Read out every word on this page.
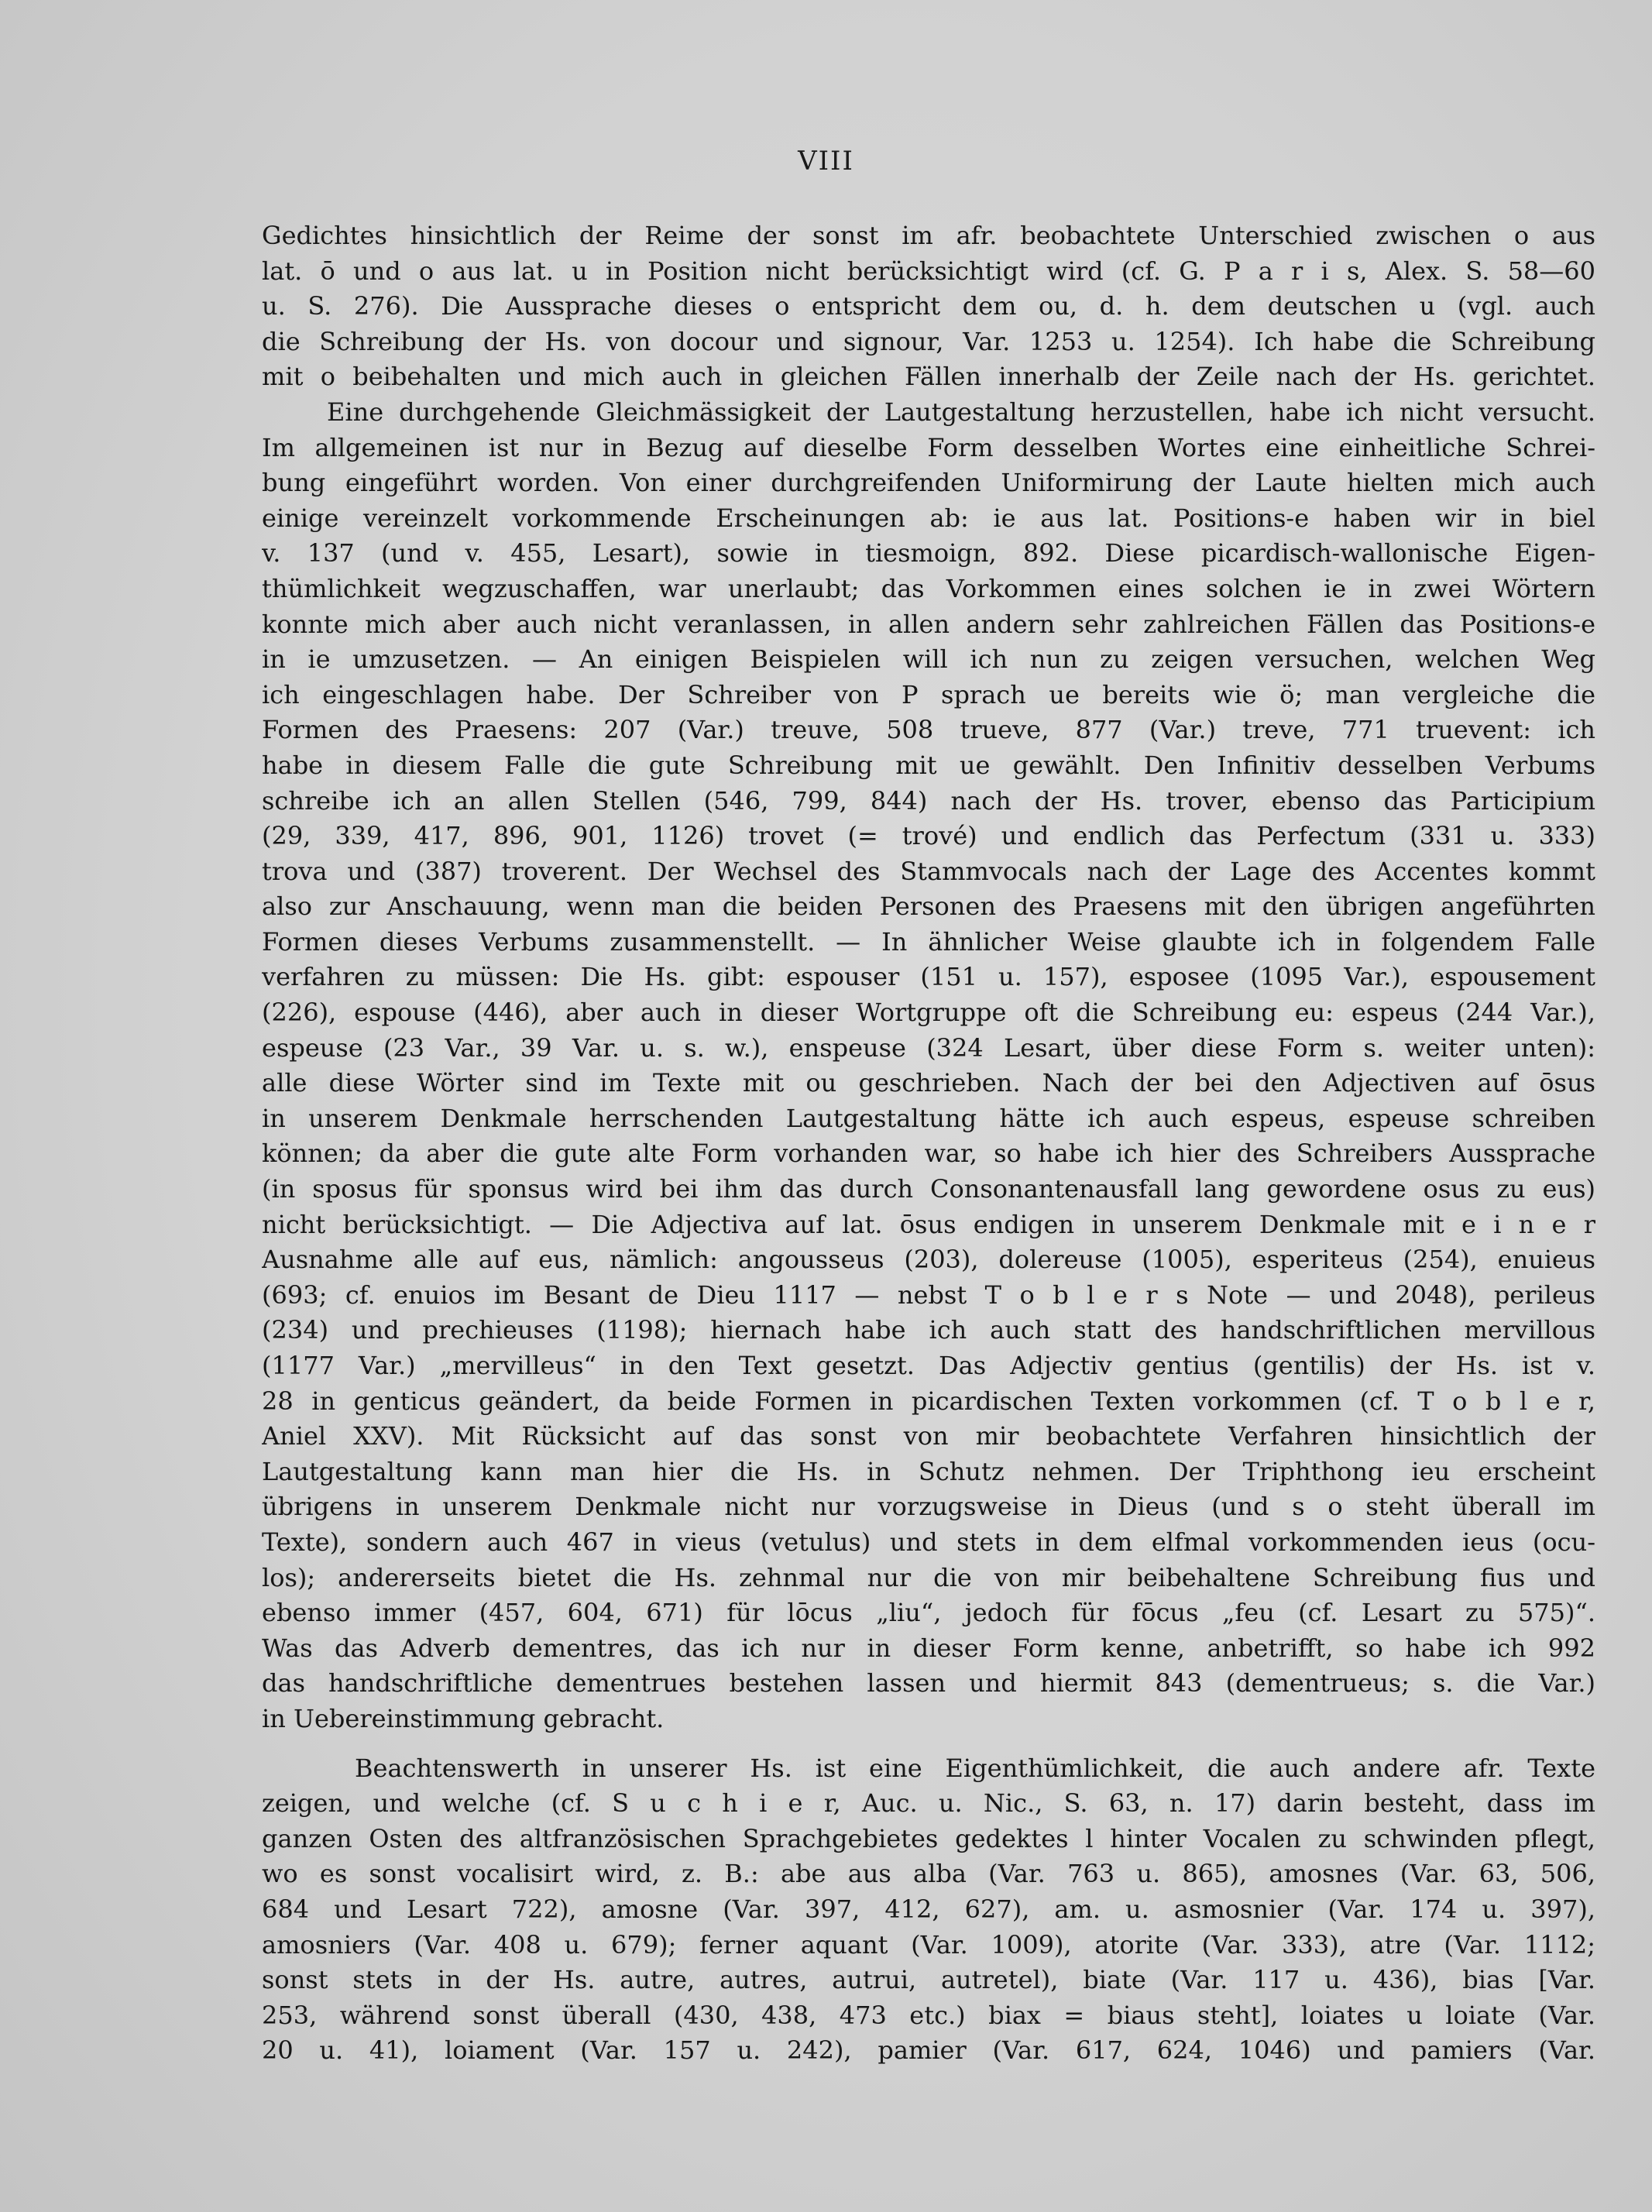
VIII
Gedichtes hinsichtlich der Reime der sonst im afr. beobachtete Unterschied zwischen o aus
lat. ō und o aus lat. u in Position nicht berücksichtigt wird (cf. G. P a r i s, Alex. S. 58—60
u. S. 276). Die Aussprache dieses o entspricht dem ou, d. h. dem deutschen u (vgl. auch
die Schreibung der Hs. von docour und signour, Var. 1253 u. 1254). Ich habe die Schreibung
mit o beibehalten und mich auch in gleichen Fällen innerhalb der Zeile nach der Hs. gerichtet.
Eine durchgehende Gleichmässigkeit der Lautgestaltung herzustellen, habe ich nicht versucht.
Im allgemeinen ist nur in Bezug auf dieselbe Form desselben Wortes eine einheitliche Schrei-
bung eingeführt worden. Von einer durchgreifenden Uniformirung der Laute hielten mich auch
einige vereinzelt vorkommende Erscheinungen ab: ie aus lat. Positions-e haben wir in biel
v. 137 (und v. 455, Lesart), sowie in tiesmoign, 892. Diese picardisch-wallonische Eigen-
thümlichkeit wegzuschaffen, war unerlaubt; das Vorkommen eines solchen ie in zwei Wörtern
konnte mich aber auch nicht veranlassen, in allen andern sehr zahlreichen Fällen das Positions-e
in ie umzusetzen. — An einigen Beispielen will ich nun zu zeigen versuchen, welchen Weg
ich eingeschlagen habe. Der Schreiber von P sprach ue bereits wie ö; man vergleiche die
Formen des Praesens: 207 (Var.) treuve, 508 trueve, 877 (Var.) treve, 771 truevent: ich
habe in diesem Falle die gute Schreibung mit ue gewählt. Den Infinitiv desselben Verbums
schreibe ich an allen Stellen (546, 799, 844) nach der Hs. trover, ebenso das Participium
(29, 339, 417, 896, 901, 1126) trovet (= trové) und endlich das Perfectum (331 u. 333)
trova und (387) troverent. Der Wechsel des Stammvocals nach der Lage des Accentes kommt
also zur Anschauung, wenn man die beiden Personen des Praesens mit den übrigen angeführten
Formen dieses Verbums zusammenstellt. — In ähnlicher Weise glaubte ich in folgendem Falle
verfahren zu müssen: Die Hs. gibt: espouser (151 u. 157), esposee (1095 Var.), espousement
(226), espouse (446), aber auch in dieser Wortgruppe oft die Schreibung eu: espeus (244 Var.),
espeuse (23 Var., 39 Var. u. s. w.), enspeuse (324 Lesart, über diese Form s. weiter unten):
alle diese Wörter sind im Texte mit ou geschrieben. Nach der bei den Adjectiven auf ōsus
in unserem Denkmale herrschenden Lautgestaltung hätte ich auch espeus, espeuse schreiben
können; da aber die gute alte Form vorhanden war, so habe ich hier des Schreibers Aussprache
(in sposus für sponsus wird bei ihm das durch Consonantenausfall lang gewordene osus zu eus)
nicht berücksichtigt. — Die Adjectiva auf lat. ōsus endigen in unserem Denkmale mit e i n e r
Ausnahme alle auf eus, nämlich: angousseus (203), dolereuse (1005), esperiteus (254), enuieus
(693; cf. enuios im Besant de Dieu 1117 — nebst T o b l e r s Note — und 2048), perileus
(234) und prechieuses (1198); hiernach habe ich auch statt des handschriftlichen mervillous
(1177 Var.) „mervilleus“ in den Text gesetzt. Das Adjectiv gentius (gentilis) der Hs. ist v.
28 in genticus geändert, da beide Formen in picardischen Texten vorkommen (cf. T o b l e r,
Aniel XXV). Mit Rücksicht auf das sonst von mir beobachtete Verfahren hinsichtlich der
Lautgestaltung kann man hier die Hs. in Schutz nehmen. Der Triphthong ieu erscheint
übrigens in unserem Denkmale nicht nur vorzugsweise in Dieus (und s o steht überall im
Texte), sondern auch 467 in vieus (vetulus) und stets in dem elfmal vorkommenden ieus (ocu-
los); andererseits bietet die Hs. zehnmal nur die von mir beibehaltene Schreibung fius und
ebenso immer (457, 604, 671) für lōcus „liu“, jedoch für fōcus „feu (cf. Lesart zu 575)“.
Was das Adverb dementres, das ich nur in dieser Form kenne, anbetrifft, so habe ich 992
das handschriftliche dementrues bestehen lassen und hiermit 843 (dementrueus; s. die Var.)
in Uebereinstimmung gebracht.
Beachtenswerth in unserer Hs. ist eine Eigenthümlichkeit, die auch andere afr. Texte
zeigen, und welche (cf. S u c h i e r, Auc. u. Nic., S. 63, n. 17) darin besteht, dass im
ganzen Osten des altfranzösischen Sprachgebietes gedektes l hinter Vocalen zu schwinden pflegt,
wo es sonst vocalisirt wird, z. B.: abe aus alba (Var. 763 u. 865), amosnes (Var. 63, 506,
684 und Lesart 722), amosne (Var. 397, 412, 627), am. u. asmosnier (Var. 174 u. 397),
amosniers (Var. 408 u. 679); ferner aquant (Var. 1009), atorite (Var. 333), atre (Var. 1112;
sonst stets in der Hs. autre, autres, autrui, autretel), biate (Var. 117 u. 436), bias [Var.
253, während sonst überall (430, 438, 473 etc.) biax = biaus steht], loiates u loiate (Var.
20 u. 41), loiament (Var. 157 u. 242), pamier (Var. 617, 624, 1046) und pamiers (Var.
